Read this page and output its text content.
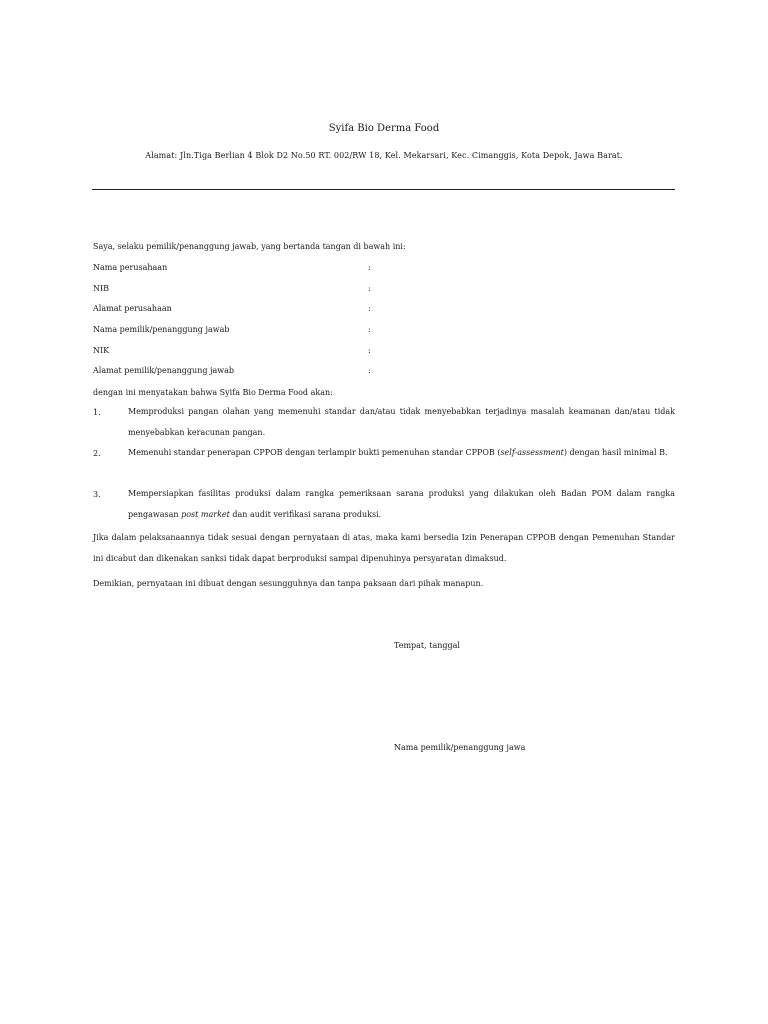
Syifa Bio Derma Food
Alamat: Jln.Tiga Berlian 4 Blok D2 No.50 RT. 002/RW 18, Kel. Mekarsari, Kec. Cimanggis, Kota Depok, Jawa Barat.
Saya, selaku pemilik/penanggung jawab, yang bertanda tangan di bawah ini:
Nama perusahaan	:
NIB	:
Alamat perusahaan	:
Nama pemilik/penanggung jawab	:
NIK	:
Alamat pemilik/penanggung jawab	:
dengan ini menyatakan bahwa Syifa Bio Derma Food akan:
1.	Memproduksi pangan olahan yang memenuhi standar dan/atau tidak menyebabkan terjadinya masalah keamanan dan/atau tidak menyebabkan keracunan pangan.
2.	Memenuhi standar penerapan CPPOB dengan terlampir bukti pemenuhan standar CPPOB (self-assessment) dengan hasil minimal B.
3.	Mempersiapkan fasilitas produksi dalam rangka pemeriksaan sarana produksi yang dilakukan oleh Badan POM dalam rangka pengawasan post market dan audit verifikasi sarana produksi.
Jika dalam pelaksanaannya tidak sesuai dengan pernyataan di atas, maka kami bersedia Izin Penerapan CPPOB dengan Pemenuhan Standar ini dicabut dan dikenakan sanksi tidak dapat berproduksi sampai dipenuhinya persyaratan dimaksud.
Demikian, pernyataan ini dibuat dengan sesungguhnya dan tanpa paksaan dari pihak manapun.
Tempat, tanggal
Nama pemilik/penanggung jawa
